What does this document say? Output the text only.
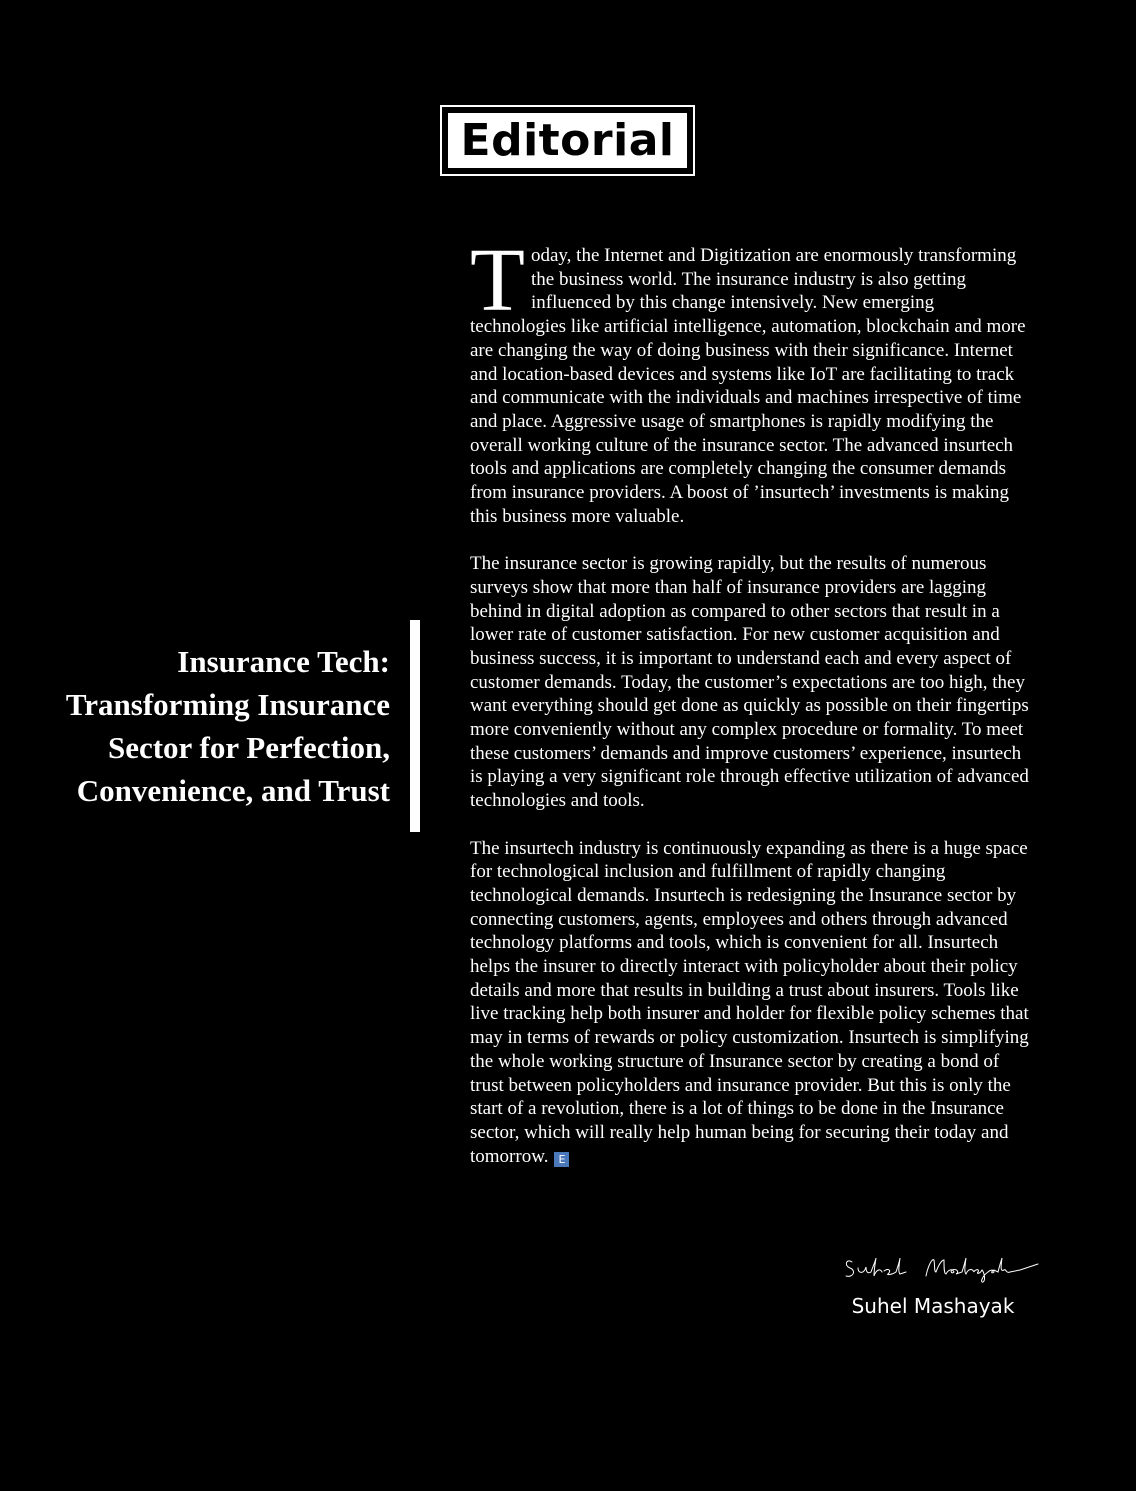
Editorial
Insurance Tech:
Transforming Insurance
Sector for Perfection,
Convenience, and Trust

Today, the Internet and Digitization are enormously transforming the business world. The insurance industry is also getting influenced by this change intensively. New emerging technologies like artificial intelligence, automation, blockchain and more are changing the way of doing business with their significance. Internet and location-based devices and systems like IoT are facilitating to track and communicate with the individuals and machines irrespective of time and place. Aggressive usage of smartphones is rapidly modifying the overall working culture of the insurance sector. The advanced insurtech tools and applications are completely changing the consumer demands from insurance providers. A boost of ’insurtech’ investments is making this business more valuable.

The insurance sector is growing rapidly, but the results of numerous surveys show that more than half of insurance providers are lagging behind in digital adoption as compared to other sectors that result in a lower rate of customer satisfaction. For new customer acquisition and business success, it is important to understand each and every aspect of customer demands. Today, the customer’s expectations are too high, they want everything should get done as quickly as possible on their fingertips more conveniently without any complex procedure or formality. To meet these customers’ demands and improve customers’ experience, insurtech is playing a very significant role through effective utilization of advanced technologies and tools.

The insurtech industry is continuously expanding as there is a huge space for technological inclusion and fulfillment of rapidly changing technological demands. Insurtech is redesigning the Insurance sector by connecting customers, agents, employees and others through advanced technology platforms and tools, which is convenient for all. Insurtech helps the insurer to directly interact with policyholder about their policy details and more that results in building a trust about insurers. Tools like live tracking help both insurer and holder for flexible policy schemes that may in terms of rewards or policy customization. Insurtech is simplifying the whole working structure of Insurance sector by creating a bond of trust between policyholders and insurance provider. But this is only the start of a revolution, there is a lot of things to be done in the Insurance sector, which will really help human being for securing their today and tomorrow. E

Suhel Mashayak
